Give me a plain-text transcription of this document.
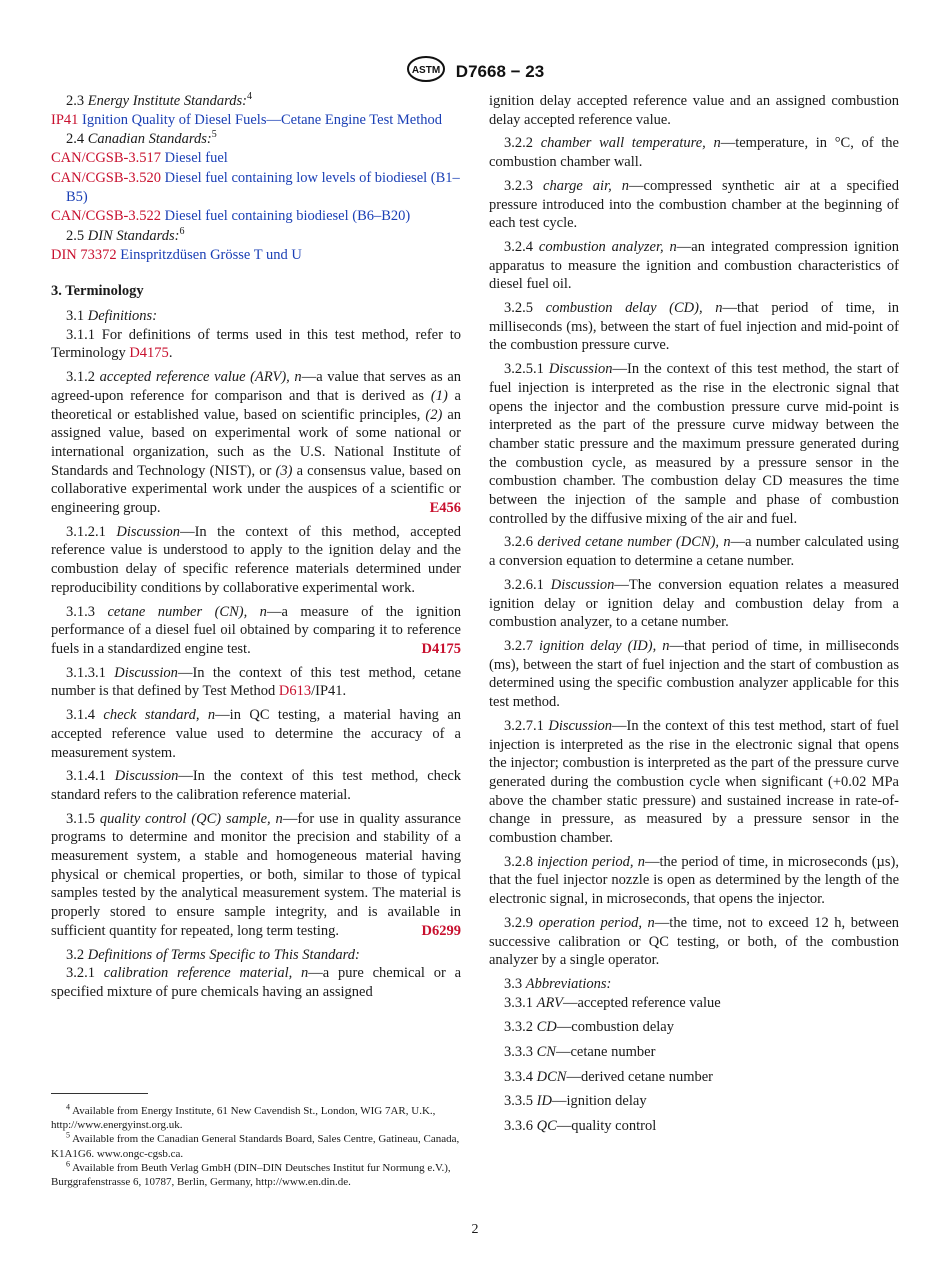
ASTM D7668 − 23

2.3 Energy Institute Standards:$^4$

IP41 Ignition Quality of Diesel Fuels—Cetane Engine Test Method

2.4 Canadian Standards:$^5$

CAN/CGSB-3.517 Diesel fuel

CAN/CGSB-3.520 Diesel fuel containing low levels of biodiesel (B1–B5)

CAN/CGSB-3.522 Diesel fuel containing biodiesel (B6–B20)

2.5 DIN Standards:$^6$

DIN 73372 Einspritzdüsen Grösse T und U

3. Terminology

3.1 Definitions:

3.1.1 For definitions of terms used in this test method, refer to Terminology D4175.

3.1.2 accepted reference value (ARV), n—a value that serves as an agreed-upon reference for comparison and that is derived as (1) a theoretical or established value, based on scientific principles, (2) an assigned value, based on experimental work of some national or international organization, such as the U.S. National Institute of Standards and Technology (NIST), or (3) a consensus value, based on collaborative experimental work under the auspices of a scientific or engineering group.	E456

3.1.2.1 Discussion—In the context of this method, accepted reference value is understood to apply to the ignition delay and the combustion delay of specific reference materials determined under reproducibility conditions by collaborative experimental work.

3.1.3 cetane number (CN), n—a measure of the ignition performance of a diesel fuel oil obtained by comparing it to reference fuels in a standardized engine test.	D4175

3.1.3.1 Discussion—In the context of this test method, cetane number is that defined by Test Method D613/IP41.

3.1.4 check standard, n—in QC testing, a material having an accepted reference value used to determine the accuracy of a measurement system.

3.1.4.1 Discussion—In the context of this test method, check standard refers to the calibration reference material.

3.1.5 quality control (QC) sample, n—for use in quality assurance programs to determine and monitor the precision and stability of a measurement system, a stable and homogeneous material having physical or chemical properties, or both, similar to those of typical samples tested by the analytical measurement system. The material is properly stored to ensure sample integrity, and is available in sufficient quantity for repeated, long term testing.	D6299

3.2 Definitions of Terms Specific to This Standard:

3.2.1 calibration reference material, n—a pure chemical or a specified mixture of pure chemicals having an assigned

ignition delay accepted reference value and an assigned combustion delay accepted reference value.

3.2.2 chamber wall temperature, n—temperature, in °C, of the combustion chamber wall.

3.2.3 charge air, n—compressed synthetic air at a specified pressure introduced into the combustion chamber at the beginning of each test cycle.

3.2.4 combustion analyzer, n—an integrated compression ignition apparatus to measure the ignition and combustion characteristics of diesel fuel oil.

3.2.5 combustion delay (CD), n—that period of time, in milliseconds (ms), between the start of fuel injection and mid-point of the combustion pressure curve.

3.2.5.1 Discussion—In the context of this test method, the start of fuel injection is interpreted as the rise in the electronic signal that opens the injector and the combustion pressure curve mid-point is interpreted as the part of the pressure curve midway between the chamber static pressure and the maximum pressure generated during the combustion cycle, as measured by a pressure sensor in the combustion chamber. The combustion delay CD measures the time between the injection of the sample and phase of combustion controlled by the diffusive mixing of the air and fuel.

3.2.6 derived cetane number (DCN), n—a number calculated using a conversion equation to determine a cetane number.

3.2.6.1 Discussion—The conversion equation relates a measured ignition delay or ignition delay and combustion delay from a combustion analyzer, to a cetane number.

3.2.7 ignition delay (ID), n—that period of time, in milliseconds (ms), between the start of fuel injection and the start of combustion as determined using the specific combustion analyzer applicable for this test method.

3.2.7.1 Discussion—In the context of this test method, start of fuel injection is interpreted as the rise in the electronic signal that opens the injector; combustion is interpreted as the part of the pressure curve generated during the combustion cycle when significant (+0.02 MPa above the chamber static pressure) and sustained increase in rate-of-change in pressure, as measured by a pressure sensor in the combustion chamber.

3.2.8 injection period, n—the period of time, in microseconds (µs), that the fuel injector nozzle is open as determined by the length of the electronic signal, in microseconds, that opens the injector.

3.2.9 operation period, n—the time, not to exceed 12 h, between successive calibration or QC testing, or both, of the combustion analyzer by a single operator.

3.3 Abbreviations:

3.3.1 ARV—accepted reference value

3.3.2 CD—combustion delay

3.3.3 CN—cetane number

3.3.4 DCN—derived cetane number

3.3.5 ID—ignition delay

3.3.6 QC—quality control

$^4$ Available from Energy Institute, 61 New Cavendish St., London, WIG 7AR, U.K., http://www.energyinst.org.uk.

$^5$ Available from the Canadian General Standards Board, Sales Centre, Gatineau, Canada, K1A1G6. www.ongc-cgsb.ca.

$^6$ Available from Beuth Verlag GmbH (DIN–DIN Deutsches Institut fur Normung e.V.), Burggrafenstrasse 6, 10787, Berlin, Germany, http://www.en.din.de.

2
